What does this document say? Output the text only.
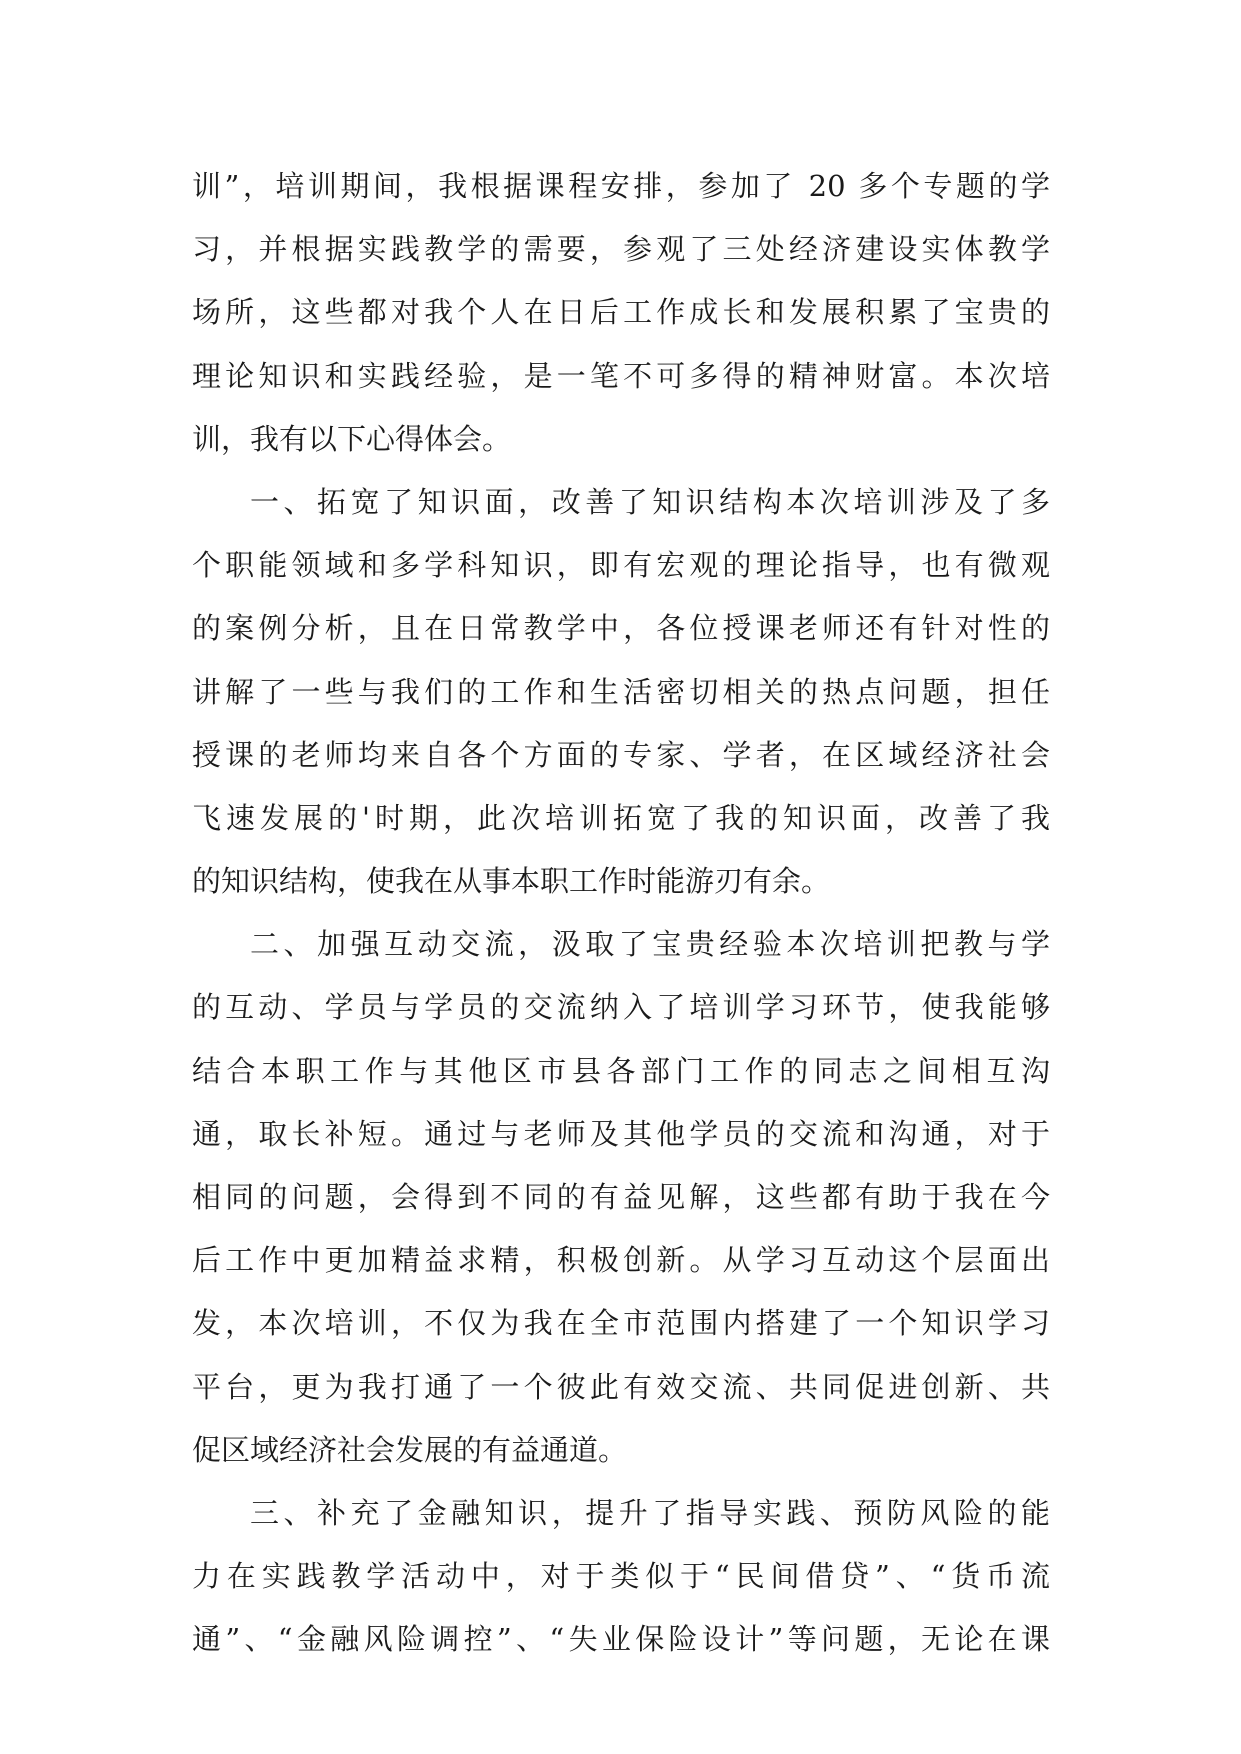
训”，培训期间，我根据课程安排，参加了 20 多个专题的学
习，并根据实践教学的需要，参观了三处经济建设实体教学
场所，这些都对我个人在日后工作成长和发展积累了宝贵的
理论知识和实践经验，是一笔不可多得的精神财富。本次培
训，我有以下心得体会。
一、拓宽了知识面，改善了知识结构本次培训涉及了多
个职能领域和多学科知识，即有宏观的理论指导，也有微观
的案例分析，且在日常教学中，各位授课老师还有针对性的
讲解了一些与我们的工作和生活密切相关的热点问题，担任
授课的老师均来自各个方面的专家、学者，在区域经济社会
飞速发展的'时期，此次培训拓宽了我的知识面，改善了我
的知识结构，使我在从事本职工作时能游刃有余。
二、加强互动交流，汲取了宝贵经验本次培训把教与学
的互动、学员与学员的交流纳入了培训学习环节，使我能够
结合本职工作与其他区市县各部门工作的同志之间相互沟
通，取长补短。通过与老师及其他学员的交流和沟通，对于
相同的问题，会得到不同的有益见解，这些都有助于我在今
后工作中更加精益求精，积极创新。从学习互动这个层面出
发，本次培训，不仅为我在全市范围内搭建了一个知识学习
平台，更为我打通了一个彼此有效交流、共同促进创新、共
促区域经济社会发展的有益通道。
三、补充了金融知识，提升了指导实践、预防风险的能
力在实践教学活动中，对于类似于“民间借贷”、“货币流
通”、“金融风险调控”、“失业保险设计”等问题，无论在课
